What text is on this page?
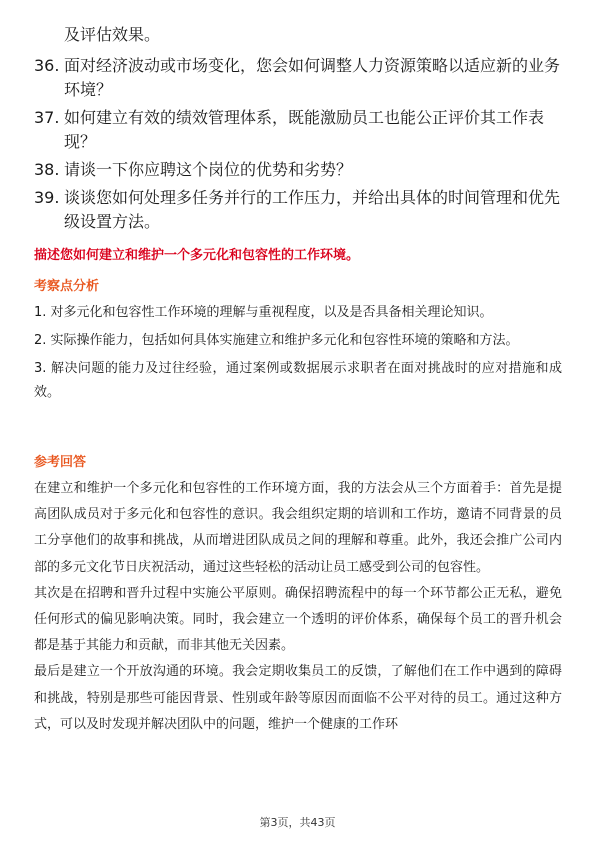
及评估效果。
36. 面对经济波动或市场变化，您会如何调整人力资源策略以适应新的业务环境？
37. 如何建立有效的绩效管理体系，既能激励员工也能公正评价其工作表现？
38. 请谈一下你应聘这个岗位的优势和劣势？
39. 谈谈您如何处理多任务并行的工作压力，并给出具体的时间管理和优先级设置方法。
描述您如何建立和维护一个多元化和包容性的工作环境。
考察点分析

1. 对多元化和包容性工作环境的理解与重视程度，以及是否具备相关理论知识。

2. 实际操作能力，包括如何具体实施建立和维护多元化和包容性环境的策略和方法。

3. 解决问题的能力及过往经验，通过案例或数据展示求职者在面对挑战时的应对措施和成效。

参考回答

在建立和维护一个多元化和包容性的工作环境方面，我的方法会从三个方面着手：首先是提高团队成员对于多元化和包容性的意识。我会组织定期的培训和工作坊，邀请不同背景的员工分享他们的故事和挑战，从而增进团队成员之间的理解和尊重。此外，我还会推广公司内部的多元文化节日庆祝活动，通过这些轻松的活动让员工感受到公司的包容性。

其次是在招聘和晋升过程中实施公平原则。确保招聘流程中的每一个环节都公正无私，避免任何形式的偏见影响决策。同时，我会建立一个透明的评价体系，确保每个员工的晋升机会都是基于其能力和贡献，而非其他无关因素。

最后是建立一个开放沟通的环境。我会定期收集员工的反馈，了解他们在工作中遇到的障碍和挑战，特别是那些可能因背景、性别或年龄等原因而面临不公平对待的员工。通过这种方式，可以及时发现并解决团队中的问题，维护一个健康的工作环

第3页，共43页
